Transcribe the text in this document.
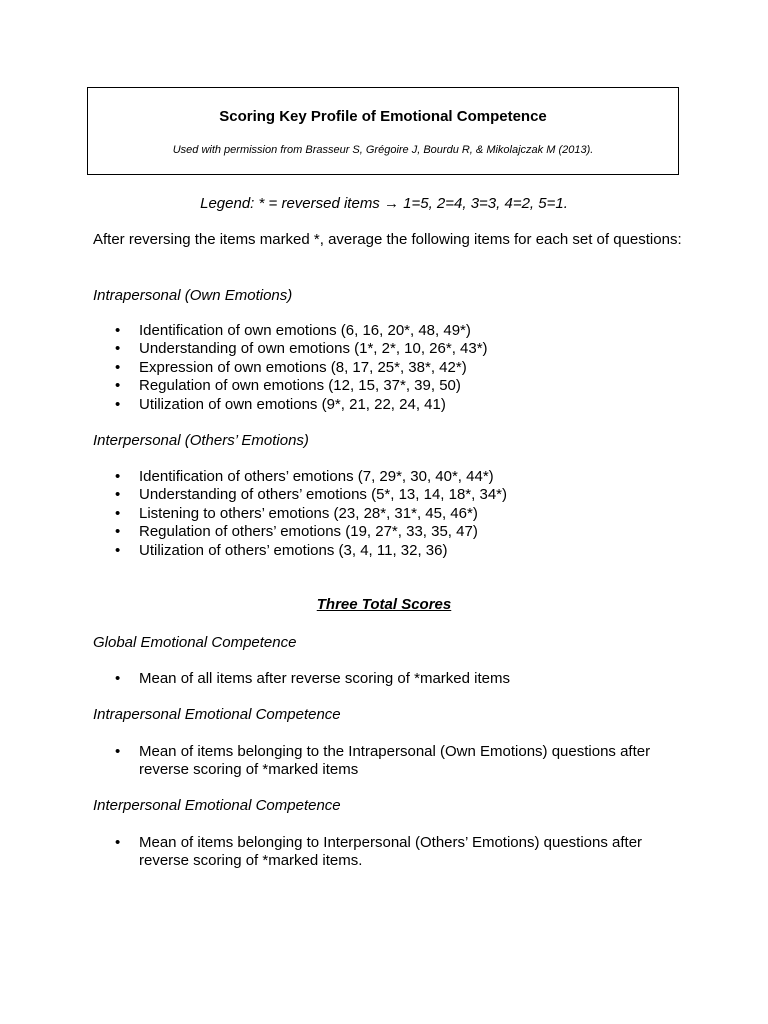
Scoring Key Profile of Emotional Competence
Used with permission from Brasseur S, Grégoire J, Bourdu R, & Mikolajczak M (2013).
Legend: * = reversed items → 1=5, 2=4, 3=3, 4=2, 5=1.
After reversing the items marked *, average the following items for each set of questions:
Intrapersonal (Own Emotions)
• Identification of own emotions (6, 16, 20*, 48, 49*)
• Understanding of own emotions (1*, 2*, 10, 26*, 43*)
• Expression of own emotions (8, 17, 25*, 38*, 42*)
• Regulation of own emotions (12, 15, 37*, 39, 50)
• Utilization of own emotions (9*, 21, 22, 24, 41)
Interpersonal (Others’ Emotions)
• Identification of others’ emotions (7, 29*, 30, 40*, 44*)
• Understanding of others’ emotions (5*, 13, 14, 18*, 34*)
• Listening to others’ emotions (23, 28*, 31*, 45, 46*)
• Regulation of others’ emotions (19, 27*, 33, 35, 47)
• Utilization of others’ emotions (3, 4, 11, 32, 36)
Three Total Scores
Global Emotional Competence
• Mean of all items after reverse scoring of *marked items
Intrapersonal Emotional Competence
• Mean of items belonging to the Intrapersonal (Own Emotions) questions after reverse scoring of *marked items
Interpersonal Emotional Competence
• Mean of items belonging to Interpersonal (Others’ Emotions) questions after reverse scoring of *marked items.
